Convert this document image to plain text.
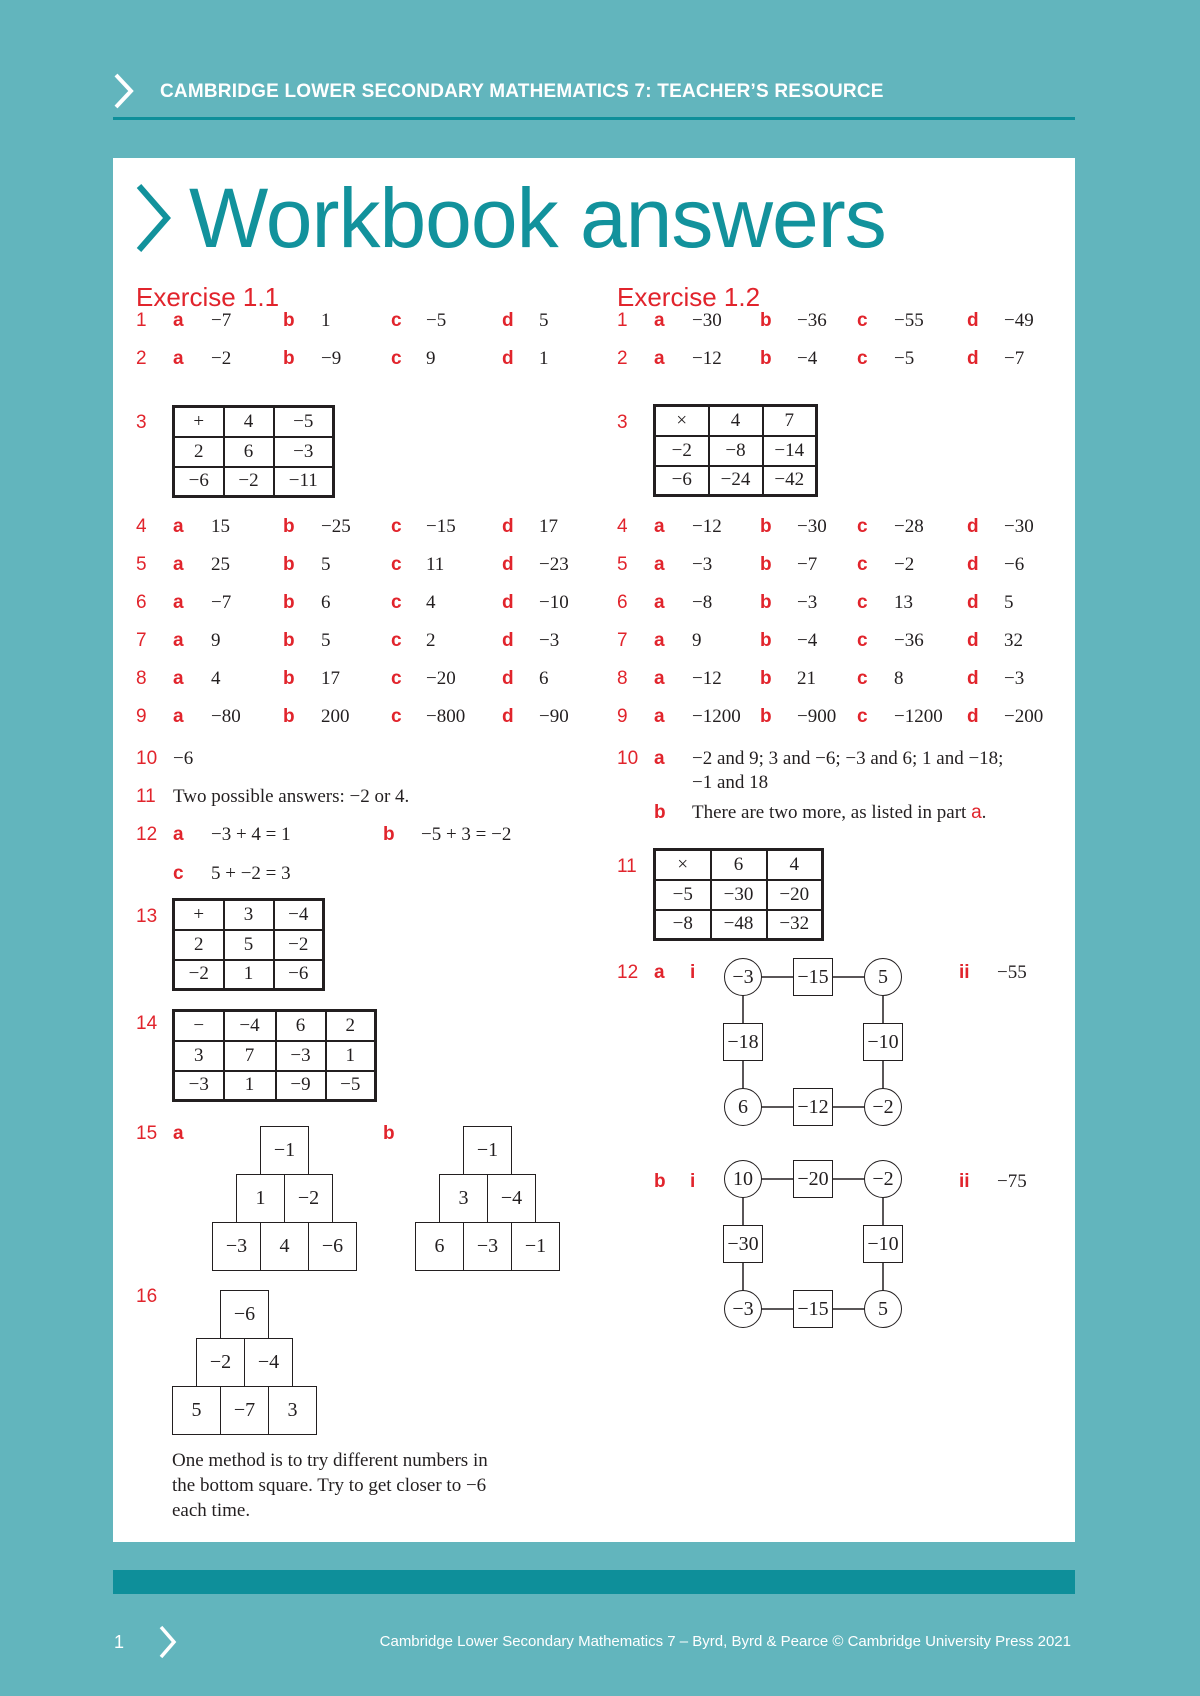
CAMBRIDGE LOWER SECONDARY MATHEMATICS 7: TEACHER’S RESOURCE
Workbook answers
Exercise 1.1
1 a −7	b 1	c −5	d 5
2 a −2	b −9	c 9	d 1
4 a 15	b −25 c −15 d 17
5 a 25	b 5	c 11	d −23
6 a −7	b 6	c 4	d −10
7 a 9	b 5	c 2	d −3
8 a 4	b 17	c −20 d 6
9 a −80 b 200 c −800 d −90
3 +	4	−5
2	6	−3
−6	−2	−11
10 −6
11 Two possible answers: −2 or 4.
12 a −3 + 4 = 1	b −5 + 3 = −2
c 5 + −2 = 3
13 +	3	−4
2	5	−2
−2	1	−6
14 −	−4	6	2
3	7	−3	1
−3	1	−9	−5
15 a	b
−1
1	−2
−3	4	−6
−1
3	−4
6	−3	−1
16
−6
−2	−4
5	−7	3
One method is to try different numbers in
the bottom square. Try to get closer to −6
each time.
Exercise 1.2
1 a −30 b −36 c −55 d −49
2 a −12 b −4 c −5	d −7
4 a −12 b −30 c −28 d −30
5 a −3	b −7 c −2	d −6
6 a −8	b −3 c 13	d 5
7 a 9	b −4 c −36 d 32
8 a −12 b 21 c 8	d −3
9 a −1200 b −900 c −1200 d −200
3	×	4	7
−2	−8	−14
−6	−24	−42
10 a −2 and 9; 3 and −6; −3 and 6; 1 and −18;
−1 and 18
b There are two more, as listed in part a.
11 ×	6	4
−5	−30	−20
−8	−48	−32
12 a i	ii −55
−3	5
−2
6
−15
−10
−12
−18
b i	ii −75
10	−2
5
−3
−20
−10
−15
−30
1	Cambridge Lower Secondary Mathematics 7 – Byrd, Byrd & Pearce © Cambridge University Press 2021
